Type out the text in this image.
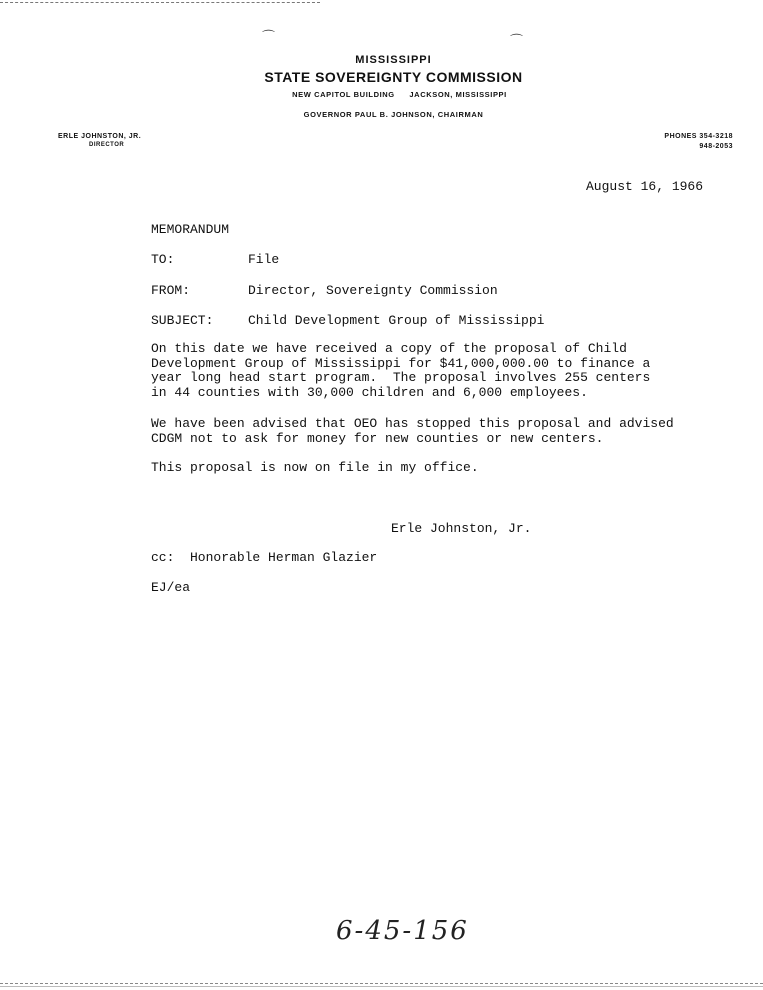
⌒	⌒
MISSISSIPPI
STATE SOVEREIGNTY COMMISSION
NEW CAPITOL BUILDING JACKSON, MISSISSIPPI
GOVERNOR PAUL B. JOHNSON, CHAIRMAN
ERLE JOHNSTON, JR.
DIRECTOR
PHONES 354-3218
948-2053
August 16, 1966
MEMORANDUM
TO:	File
FROM:	Director, Sovereignty Commission
SUBJECT:	Child Development Group of Mississippi
On this date we have received a copy of the proposal of Child
Development Group of Mississippi for $41,000,000.00 to finance a
year long head start program.  The proposal involves 255 centers
in 44 counties with 30,000 children and 6,000 employees.
We have been advised that OEO has stopped this proposal and advised
CDGM not to ask for money for new counties or new centers.
This proposal is now on file in my office.
Erle Johnston, Jr.
cc:  Honorable Herman Glazier
EJ/ea
6-45-156
